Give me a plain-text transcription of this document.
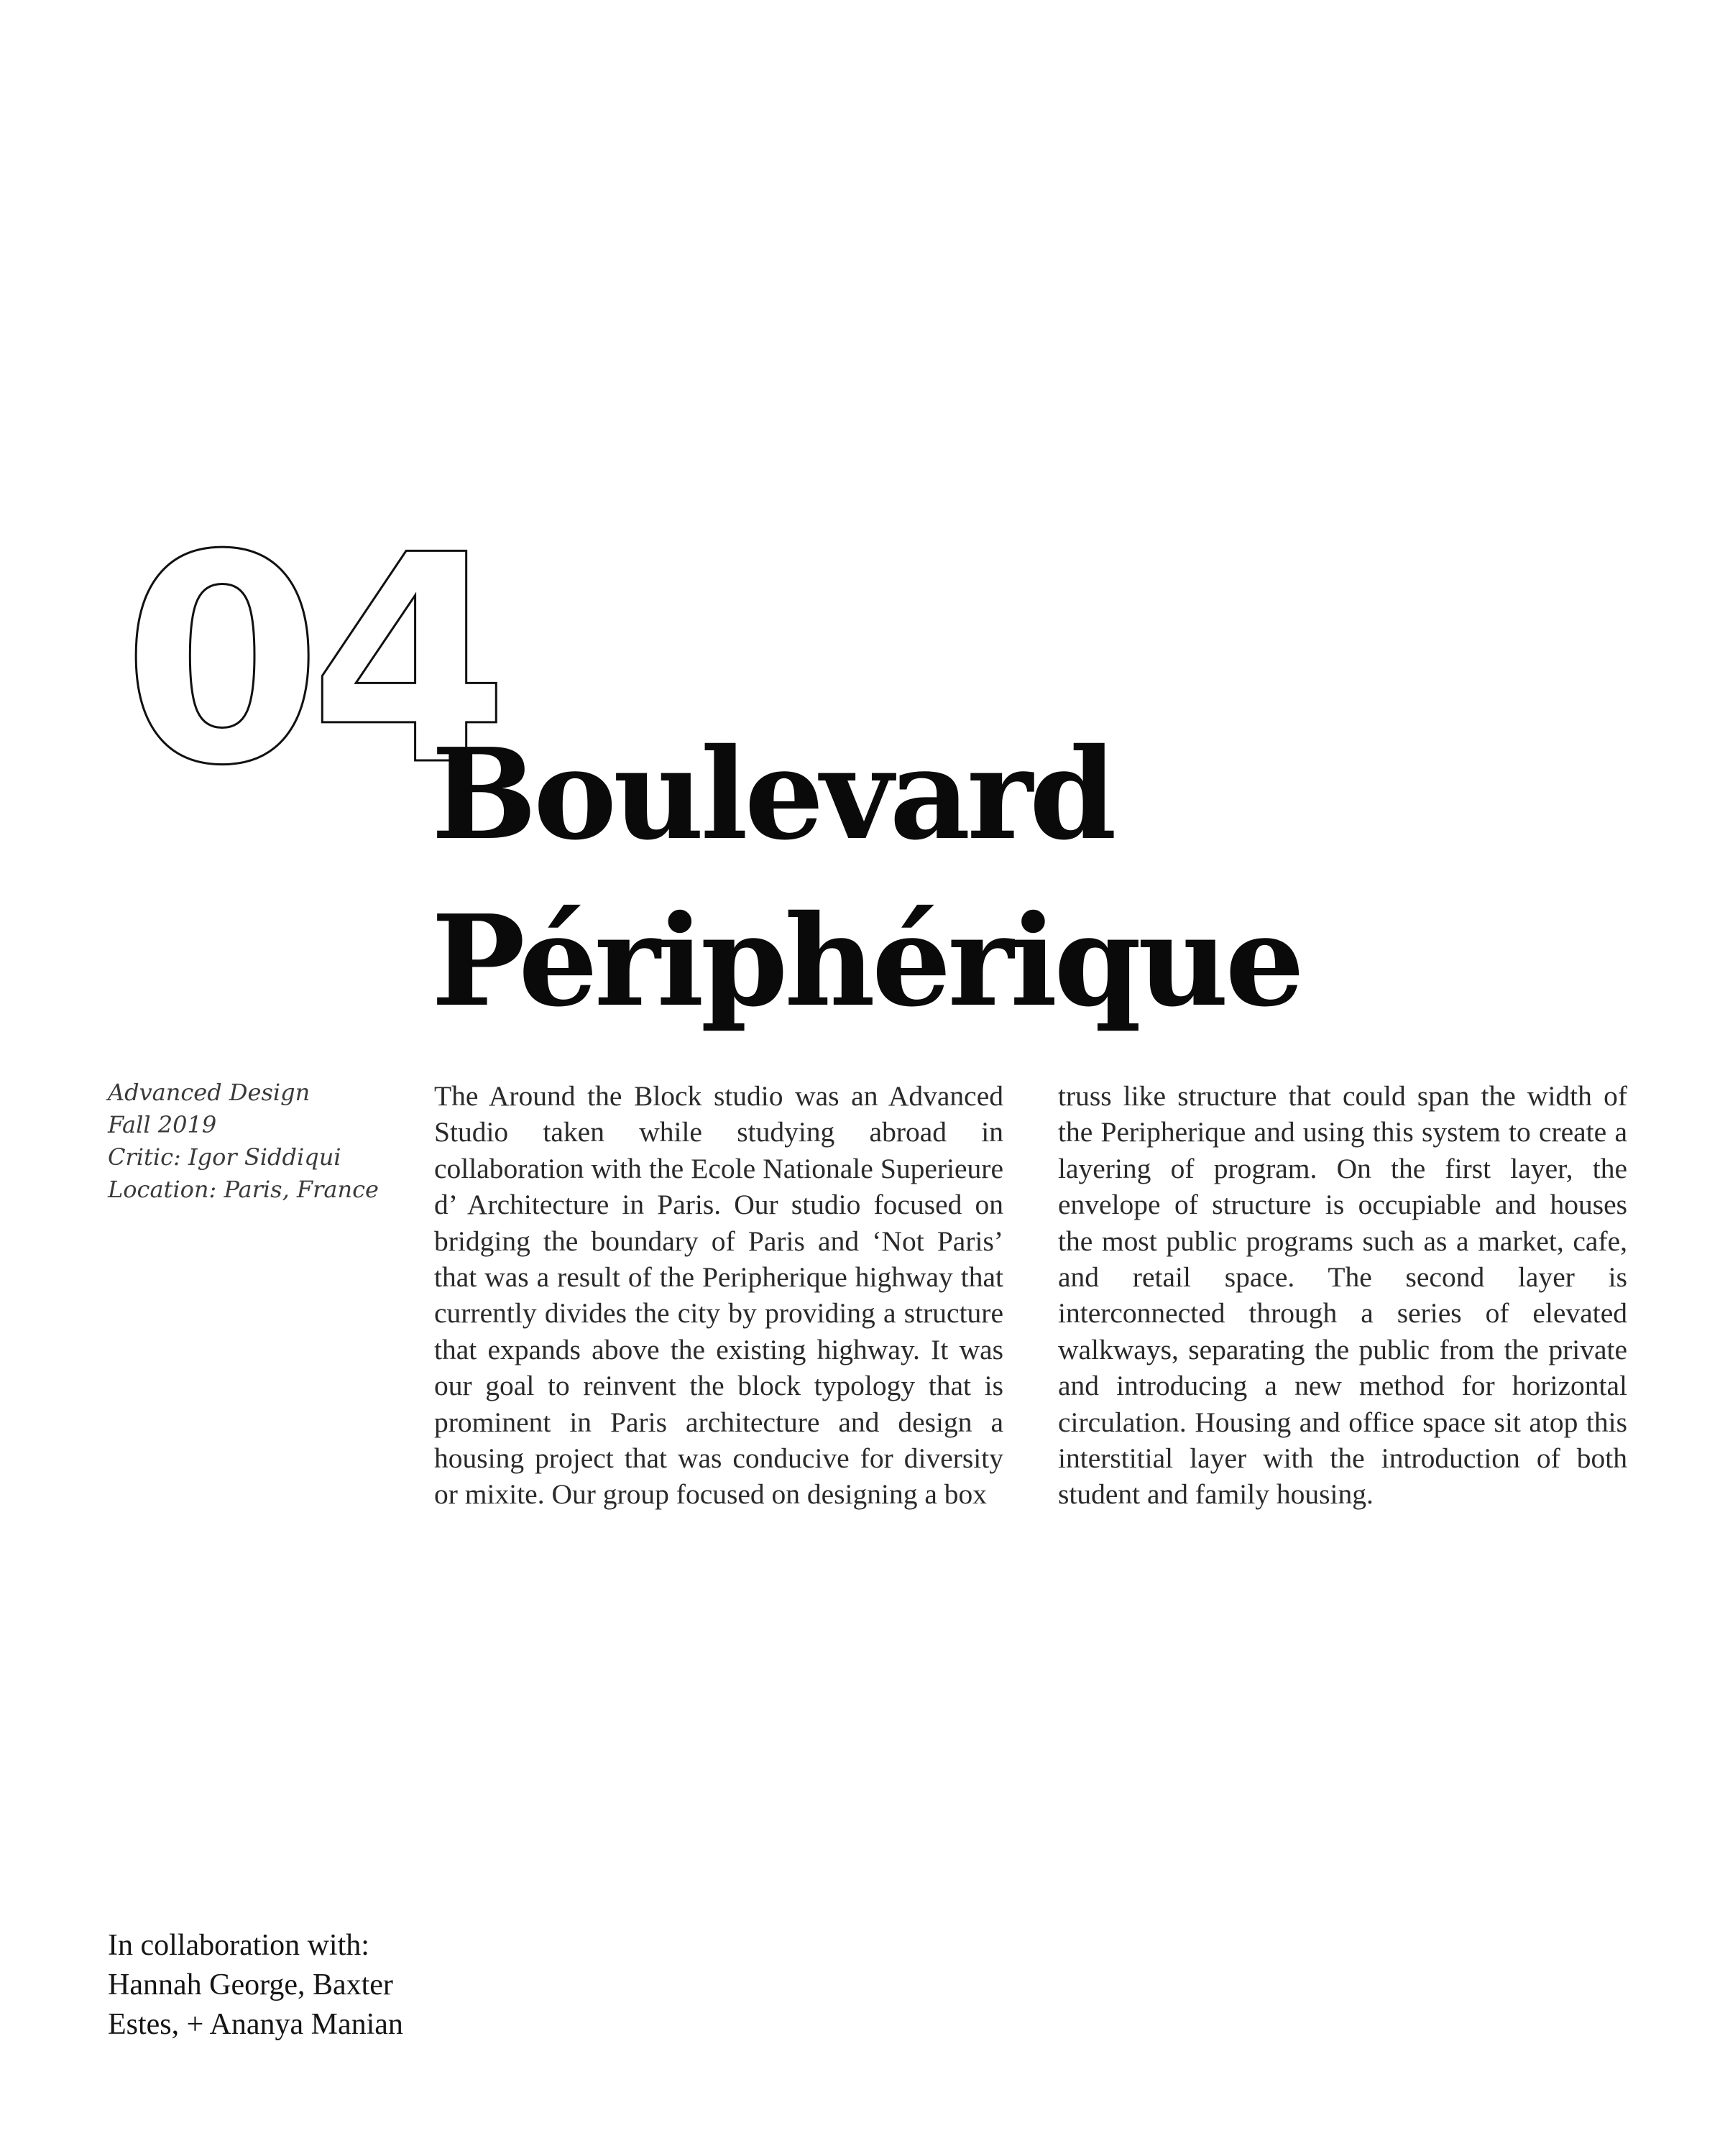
04
Boulevard
Périphérique
Advanced Design
Fall 2019
Critic: Igor Siddiqui
Location: Paris, France

The Around the Block studio was an Advanced Studio taken while studying abroad in collaboration with the Ecole Nationale Superieure d’ Architecture in Paris. Our studio focused on bridging the boundary of Paris and ‘Not Paris’ that was a result of the Peripherique highway that currently divides the city by providing a structure that expands above the existing highway. It was our goal to reinvent the block typology that is prominent in Paris architecture and design a housing project that was conducive for diversity or mixite. Our group focused on designing a box

truss like structure that could span the width of the Peripherique and using this system to create a layering of program. On the first layer, the envelope of structure is occupiable and houses the most public programs such as a market, cafe, and retail space. The second layer is interconnected through a series of elevated walkways, separating the public from the private and introducing a new method for horizontal circulation. Housing and office space sit atop this interstitial layer with the introduction of both student and family housing.

In collaboration with:
Hannah George, Baxter
Estes, + Ananya Manian
